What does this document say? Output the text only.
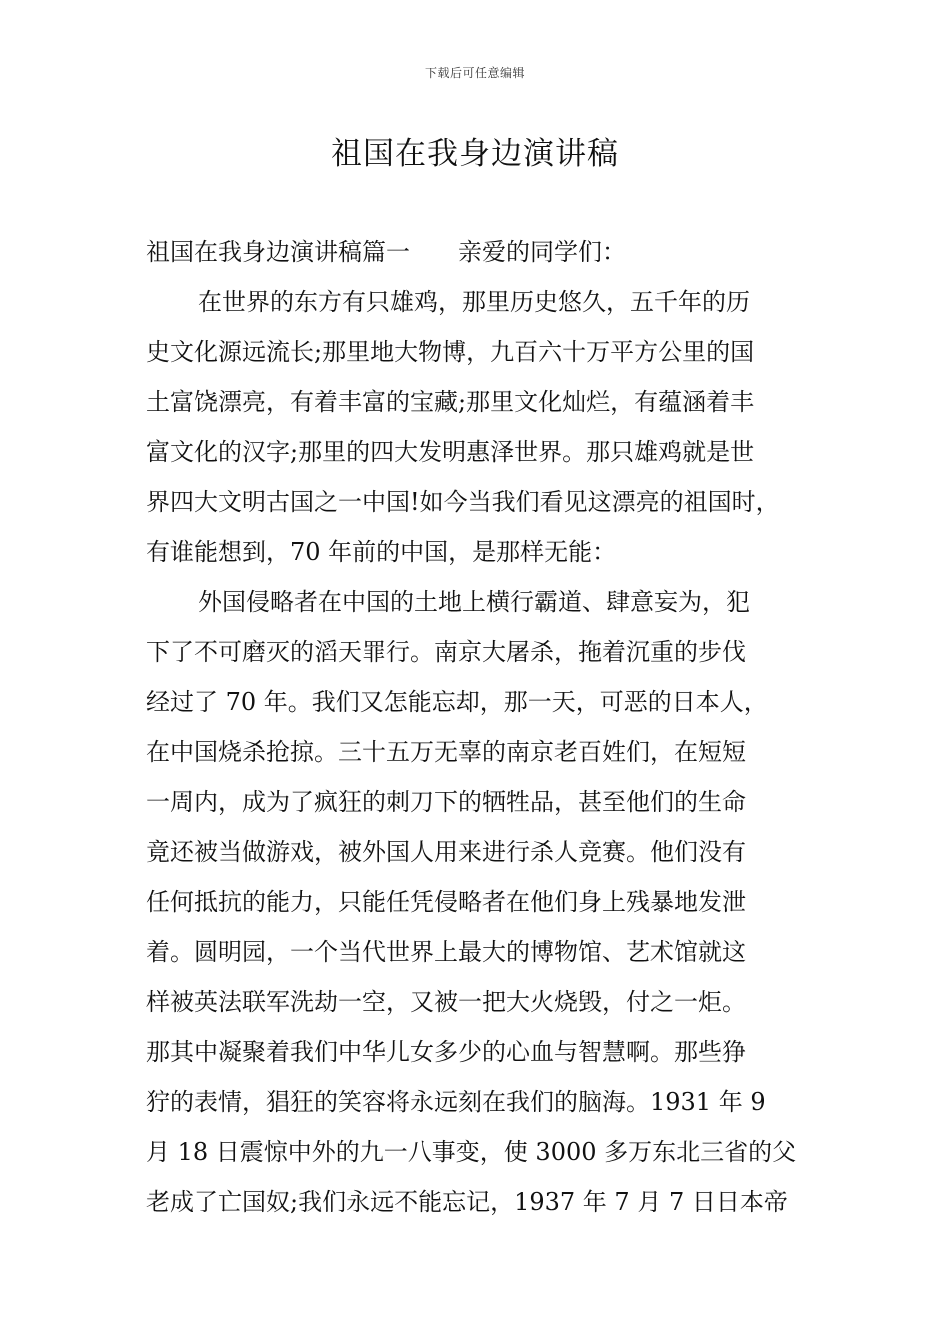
下载后可任意编辑
祖国在我身边演讲稿
祖国在我身边演讲稿篇一 亲爱的同学们：
在世界的东方有只雄鸡，那里历史悠久，五千年的历
史文化源远流长;那里地大物博，九百六十万平方公里的国
土富饶漂亮，有着丰富的宝藏;那里文化灿烂，有蕴涵着丰
富文化的汉字;那里的四大发明惠泽世界。那只雄鸡就是世
界四大文明古国之一中国!如今当我们看见这漂亮的祖国时，
有谁能想到，70 年前的中国，是那样无能：
外国侵略者在中国的土地上横行霸道、肆意妄为，犯
下了不可磨灭的滔天罪行。南京大屠杀，拖着沉重的步伐
经过了 70 年。我们又怎能忘却，那一天，可恶的日本人，
在中国烧杀抢掠。三十五万无辜的南京老百姓们，在短短
一周内，成为了疯狂的刺刀下的牺牲品，甚至他们的生命
竟还被当做游戏，被外国人用来进行杀人竞赛。他们没有
任何抵抗的能力，只能任凭侵略者在他们身上残暴地发泄
着。圆明园，一个当代世界上最大的博物馆、艺术馆就这
样被英法联军洗劫一空，又被一把大火烧毁，付之一炬。
那其中凝聚着我们中华儿女多少的心血与智慧啊。那些狰
狞的表情，猖狂的笑容将永远刻在我们的脑海。1931 年 9
月 18 日震惊中外的九一八事变，使 3000 多万东北三省的父
老成了亡国奴;我们永远不能忘记，1937 年 7 月 7 日日本帝
